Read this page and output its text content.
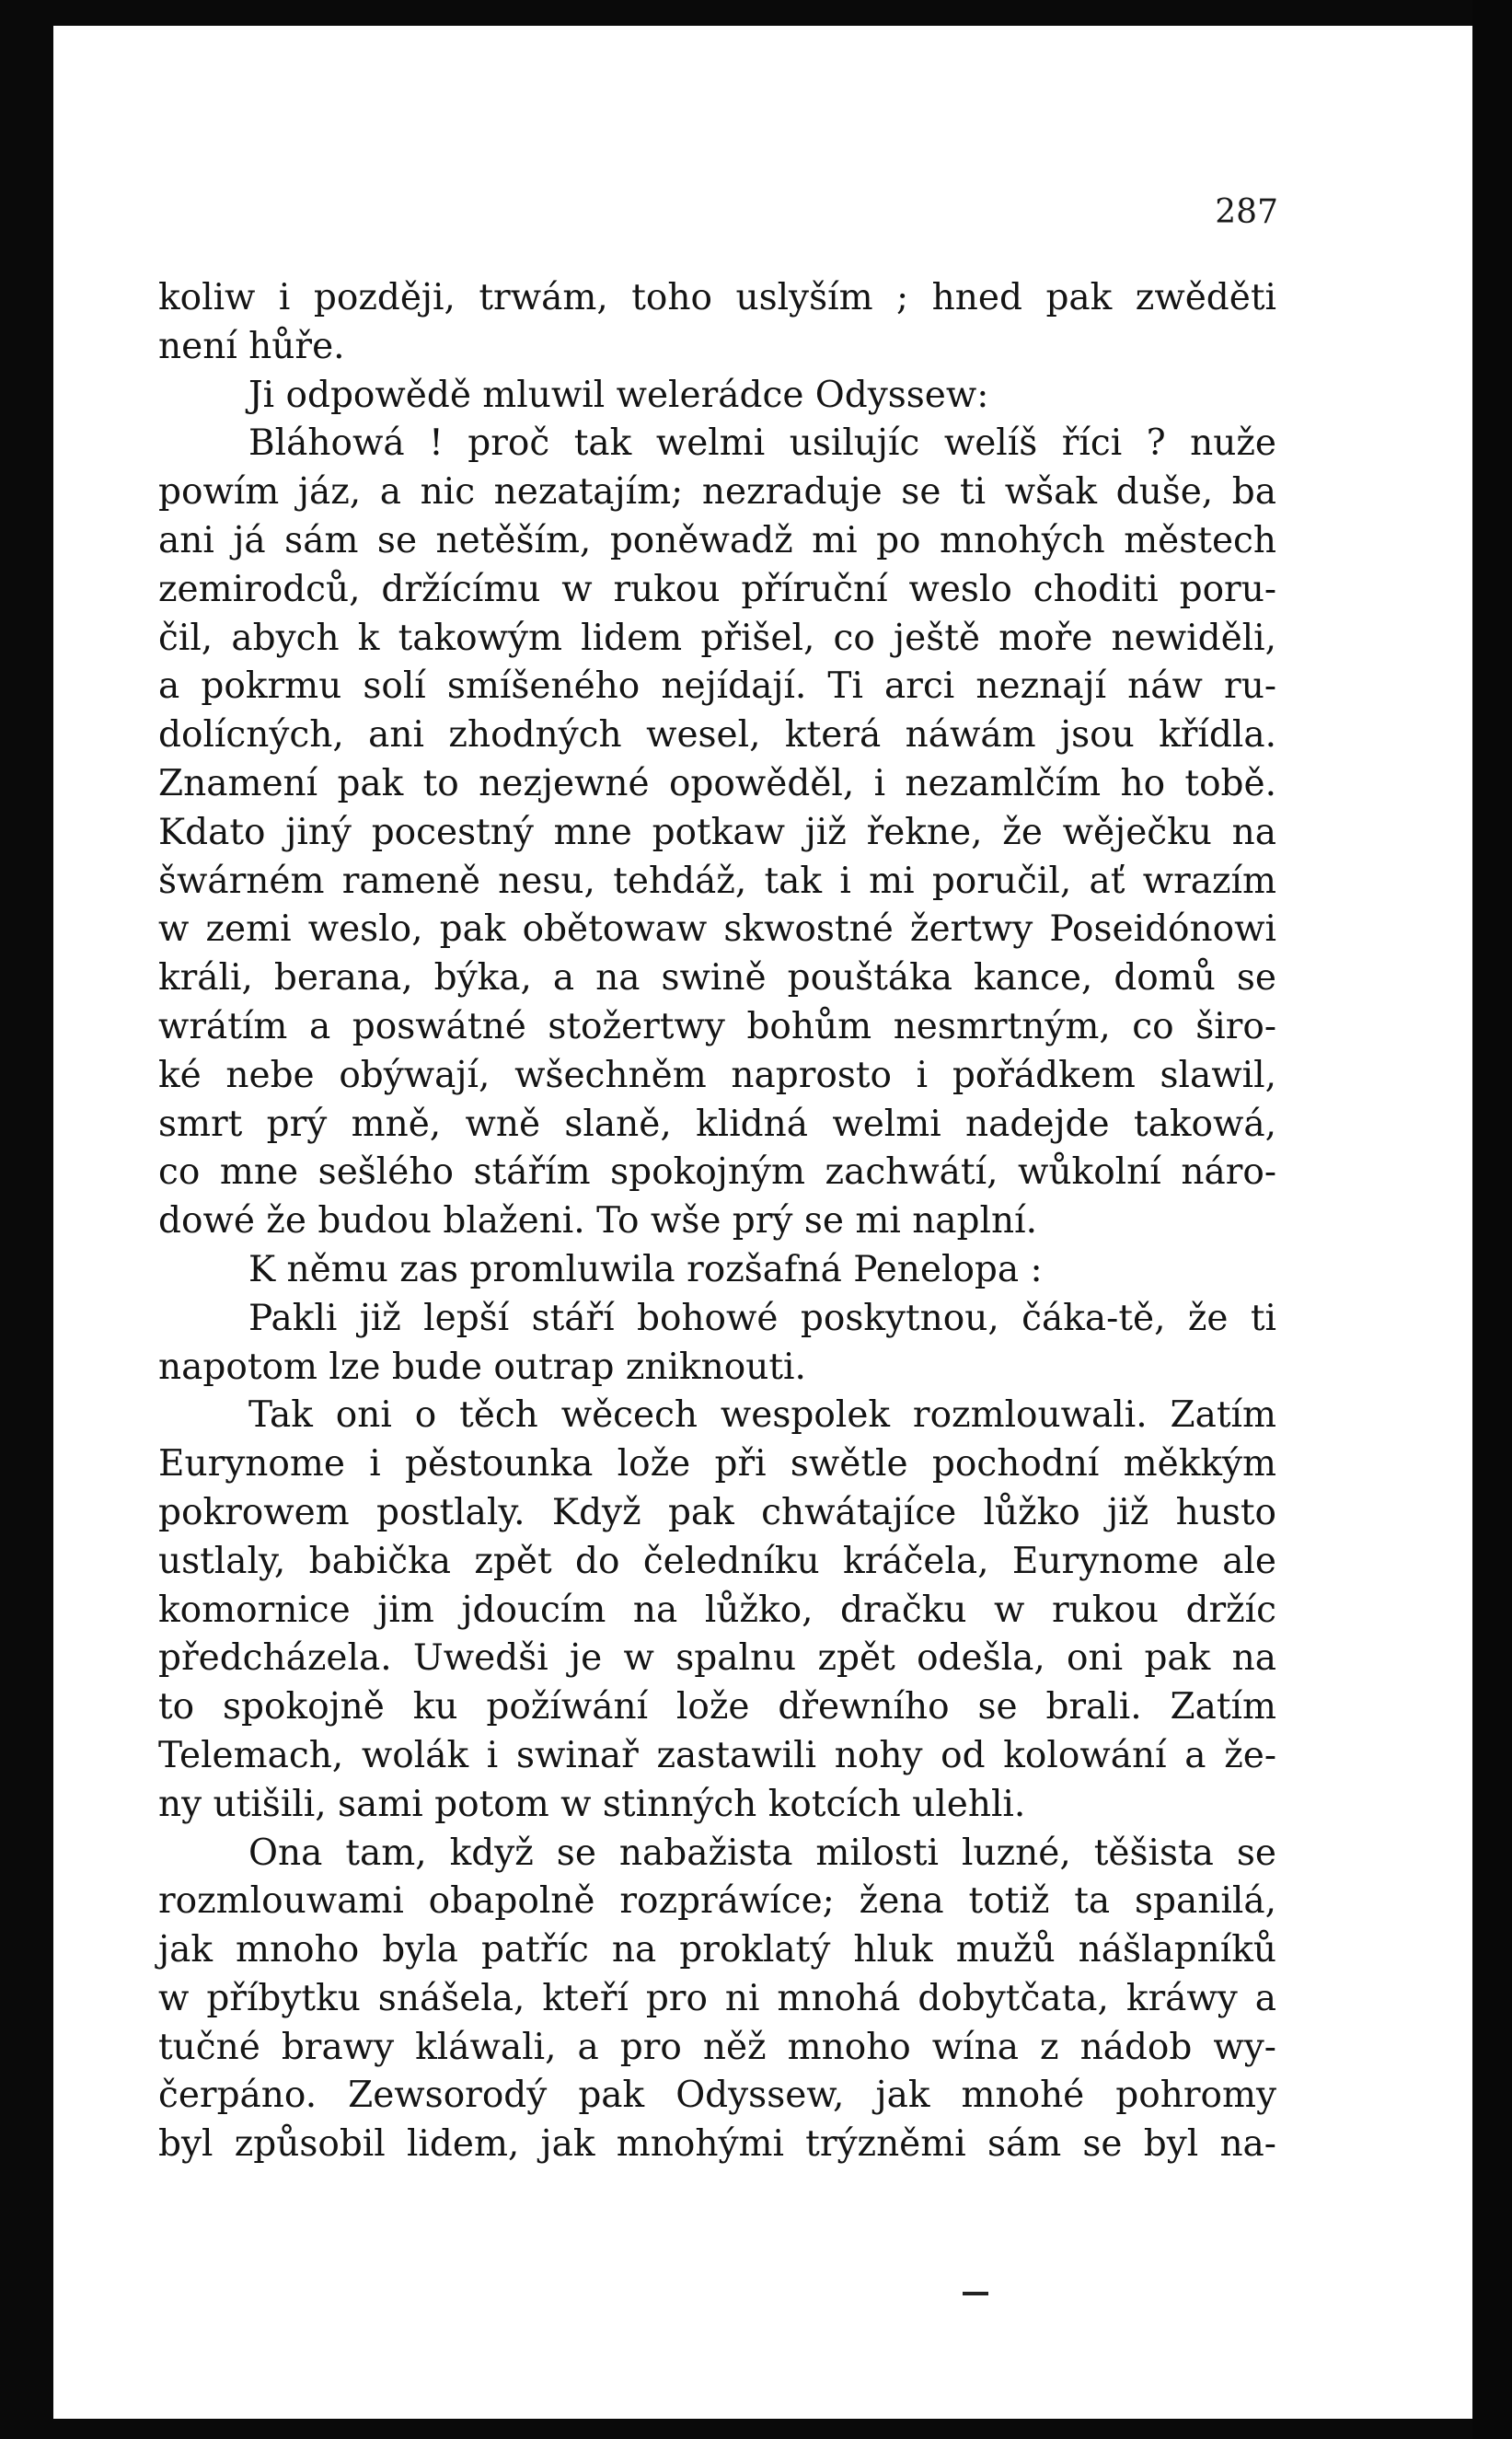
287
koliw i později, trwám, toho uslyším ; hned pak zwěděti
není hůře.
Ji odpowědě mluwil welerádce Odyssew:
Bláhowá ! proč tak welmi usilujíc welíš říci ? nuže
powím jáz, a nic nezatajím; nezraduje se ti wšak duše, ba
ani já sám se netěším, poněwadž mi po mnohých městech
zemirodců, držícímu w rukou příruční weslo choditi poru-
čil, abych k takowým lidem přišel, co ještě moře newiděli,
a pokrmu solí smíšeného nejídají. Ti arci neznají náw ru-
dolícných, ani zhodných wesel, která náwám jsou křídla.
Znamení pak to nezjewné opowěděl, i nezamlčím ho tobě.
Kdato jiný pocestný mne potkaw již řekne, že wěječku na
šwárném rameně nesu, tehdáž, tak i mi poručil, ať wrazím
w zemi weslo, pak obětowaw skwostné žertwy Poseidónowi
králi, berana, býka, a na swině pouštáka kance, domů se
wrátím a poswátné stožertwy bohům nesmrtným, co širo-
ké nebe obýwají, wšechněm naprosto i pořádkem slawil,
smrt prý mně, wně slaně, klidná welmi nadejde takowá,
co mne sešlého stářím spokojným zachwátí, wůkolní náro-
dowé že budou blaženi. To wše prý se mi naplní.
K němu zas promluwila rozšafná Penelopa :
Pakli již lepší stáří bohowé poskytnou, čáka-tě, že ti
napotom lze bude outrap zniknouti.
Tak oni o těch wěcech wespolek rozmlouwali. Zatím
Eurynome i pěstounka lože při swětle pochodní měkkým
pokrowem postlaly. Když pak chwátajíce lůžko již husto
ustlaly, babička zpět do čeledníku kráčela, Eurynome ale
komornice jim jdoucím na lůžko, dračku w rukou držíc
předcházela. Uwedši je w spalnu zpět odešla, oni pak na
to spokojně ku požíwání lože dřewního se brali. Zatím
Telemach, wolák i swinař zastawili nohy od kolowání a že-
ny utišili, sami potom w stinných kotcích ulehli.
Ona tam, když se nabažista milosti luzné, těšista se
rozmlouwami obapolně rozpráwíce; žena totiž ta spanilá,
jak mnoho byla patříc na proklatý hluk mužů nášlapníků
w příbytku snášela, kteří pro ni mnohá dobytčata, kráwy a
tučné brawy kláwali, a pro něž mnoho wína z nádob wy-
čerpáno. Zewsorodý pak Odyssew, jak mnohé pohromy
byl způsobil lidem, jak mnohými trýzněmi sám se byl na-
